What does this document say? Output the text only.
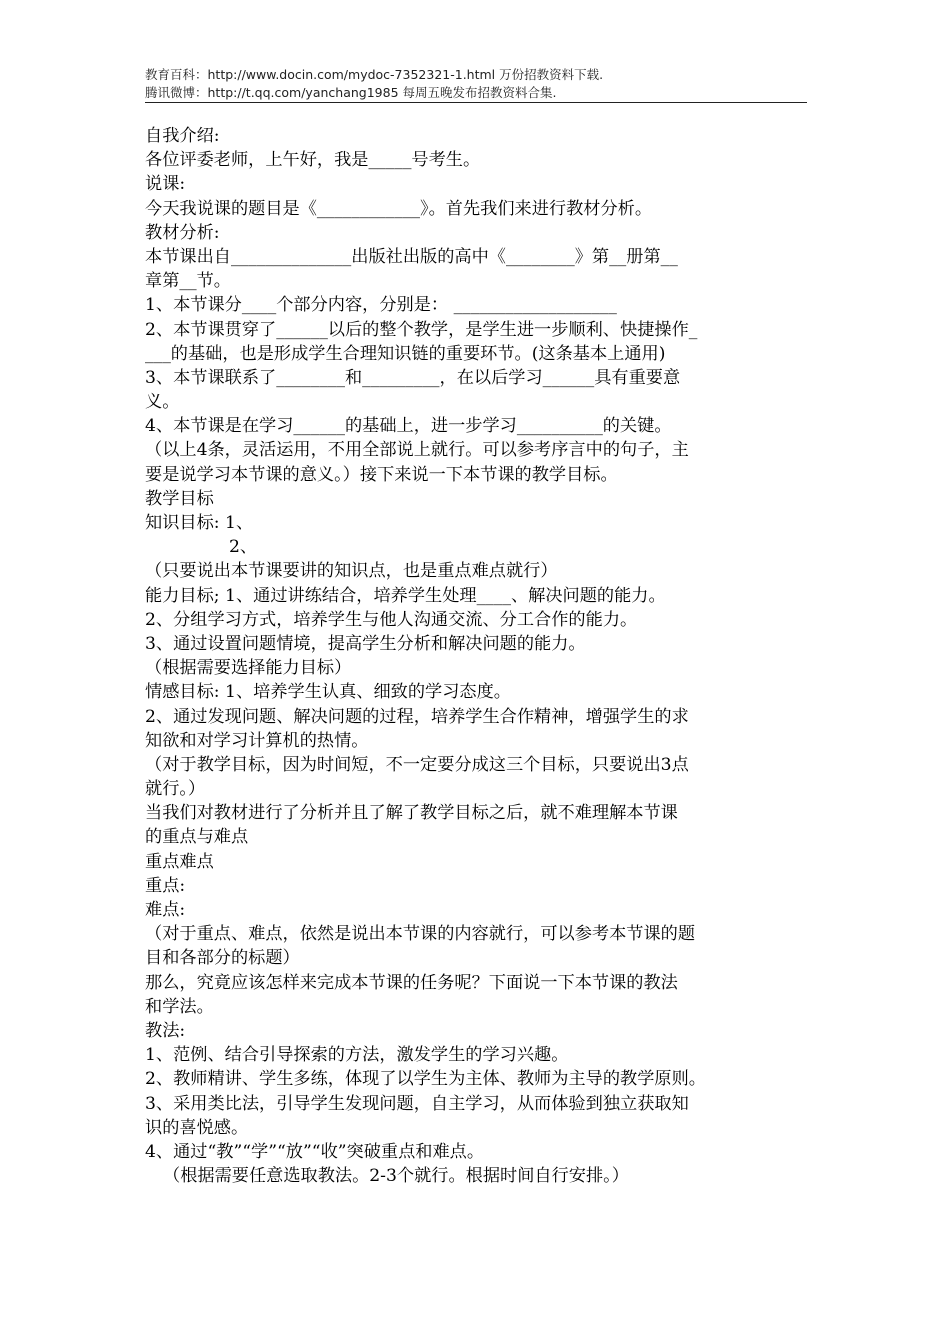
教育百科：http://www.docin.com/mydoc-7352321-1.html 万份招教资料下载.
腾讯微博：http://t.qq.com/yanchang1985 每周五晚发布招教资料合集.
自我介绍:
各位评委老师，上午好，我是_____号考生。
说课:
今天我说课的题目是《____________》。首先我们来进行教材分析。
教材分析:
本节课出自______________出版社出版的高中《________》第__册第__
章第__节。
1、本节课分____个部分内容，分别是： ___________________
2、本节课贯穿了______以后的整个教学，是学生进一步顺利、快捷操作_
___的基础，也是形成学生合理知识链的重要环节。(这条基本上通用)
3、本节课联系了________和_________，在以后学习______具有重要意
义。
4、本节课是在学习______的基础上，进一步学习__________的关键。
（以上4条，灵活运用，不用全部说上就行。可以参考序言中的句子，主
要是说学习本节课的意义。）接下来说一下本节课的教学目标。
教学目标
知识目标: 1、
2、
（只要说出本节课要讲的知识点，也是重点难点就行）
能力目标; 1、通过讲练结合，培养学生处理____、解决问题的能力。
2、分组学习方式，培养学生与他人沟通交流、分工合作的能力。
3、通过设置问题情境，提高学生分析和解决问题的能力。
（根据需要选择能力目标）
情感目标: 1、培养学生认真、细致的学习态度。
2、通过发现问题、解决问题的过程，培养学生合作精神，增强学生的求
知欲和对学习计算机的热情。
（对于教学目标，因为时间短，不一定要分成这三个目标，只要说出3点
就行。）
当我们对教材进行了分析并且了解了教学目标之后，就不难理解本节课
的重点与难点
重点难点
重点:
难点:
（对于重点、难点，依然是说出本节课的内容就行，可以参考本节课的题
目和各部分的标题）
那么，究竟应该怎样来完成本节课的任务呢？下面说一下本节课的教法
和学法。
教法:
1、范例、结合引导探索的方法，激发学生的学习兴趣。
2、教师精讲、学生多练，体现了以学生为主体、教师为主导的教学原则。
3、采用类比法，引导学生发现问题，自主学习，从而体验到独立获取知
识的喜悦感。
4、通过“教”“学”“放”“收”突破重点和难点。
（根据需要任意选取教法。2-3个就行。根据时间自行安排。）
